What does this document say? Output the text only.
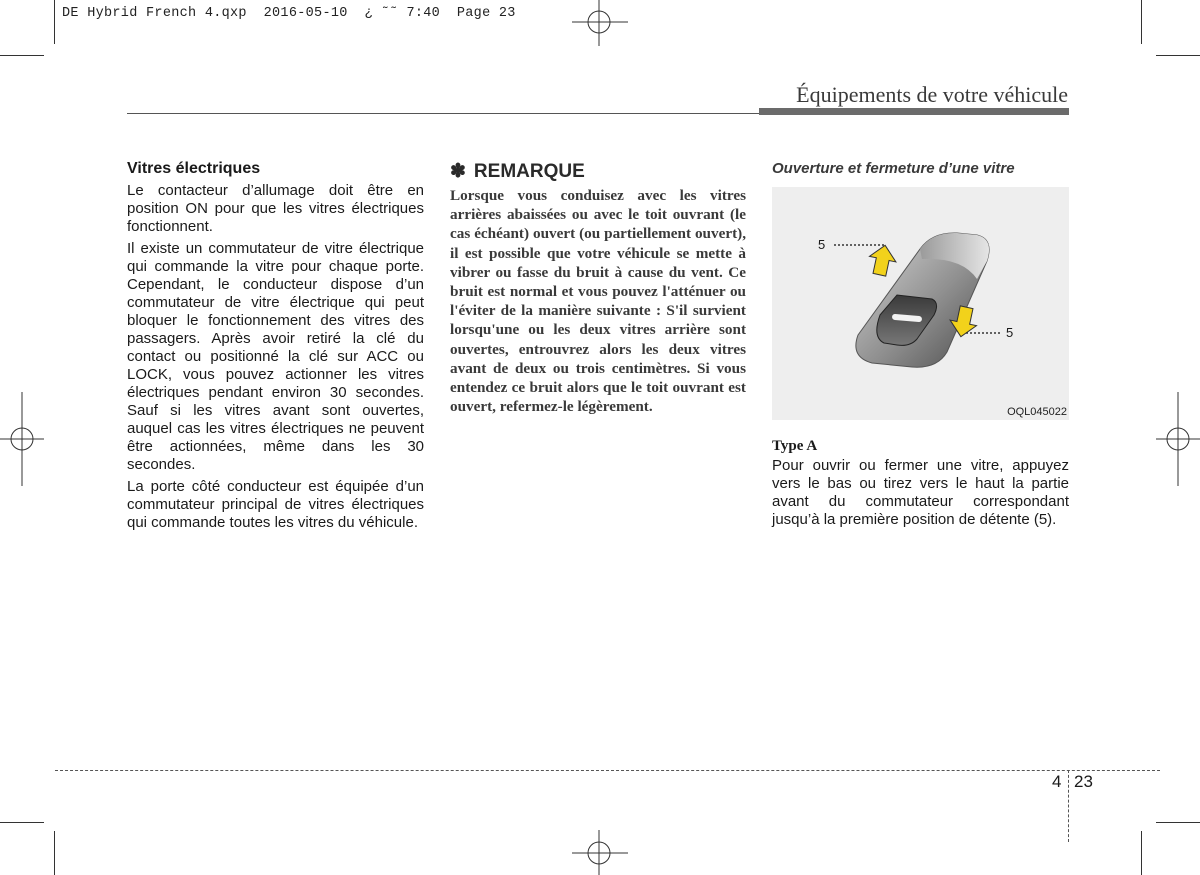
DE Hybrid French 4.qxp  2016-05-10  ¿ ˜˜ 7:40  Page 23
Équipements de votre véhicule
Vitres électriques

Le contacteur d’allumage doit être en position ON pour que les vitres électriques fonctionnent.

Il existe un commutateur de vitre électrique qui commande la vitre pour chaque porte. Cependant, le conducteur dispose d’un commutateur de vitre électrique qui peut bloquer le fonctionnement des vitres des passagers. Après avoir retiré la clé du contact ou positionné la clé sur ACC ou LOCK, vous pouvez actionner les vitres électriques pendant environ 30 secondes. Sauf si les vitres avant sont ouvertes, auquel cas les vitres électriques ne peuvent être actionnées, même dans les 30 secondes.

La porte côté conducteur est équipée d’un commutateur principal de vitres électriques qui commande toutes les vitres du véhicule.

✽ REMARQUE

Lorsque vous conduisez avec les vitres arrières abaissées ou avec le toit ouvrant (le cas échéant) ouvert (ou partiellement ouvert), il est possible que votre véhicule se mette à vibrer ou fasse du bruit à cause du vent. Ce bruit est normal et vous pouvez l'atténuer ou l'éviter de la manière suivante : S'il survient lorsqu'une ou les deux vitres arrière sont ouvertes, entrouvrez alors les deux vitres avant de deux ou trois centimètres. Si vous entendez ce bruit alors que le toit ouvrant est ouvert, refermez-le légèrement.

Ouverture et fermeture d’une vitre
5
5
OQL045022
Type A

Pour ouvrir ou fermer une vitre, appuyez vers le bas ou tirez vers le haut la partie avant du commutateur correspondant jusqu’à la première position de détente (5).

4 23
